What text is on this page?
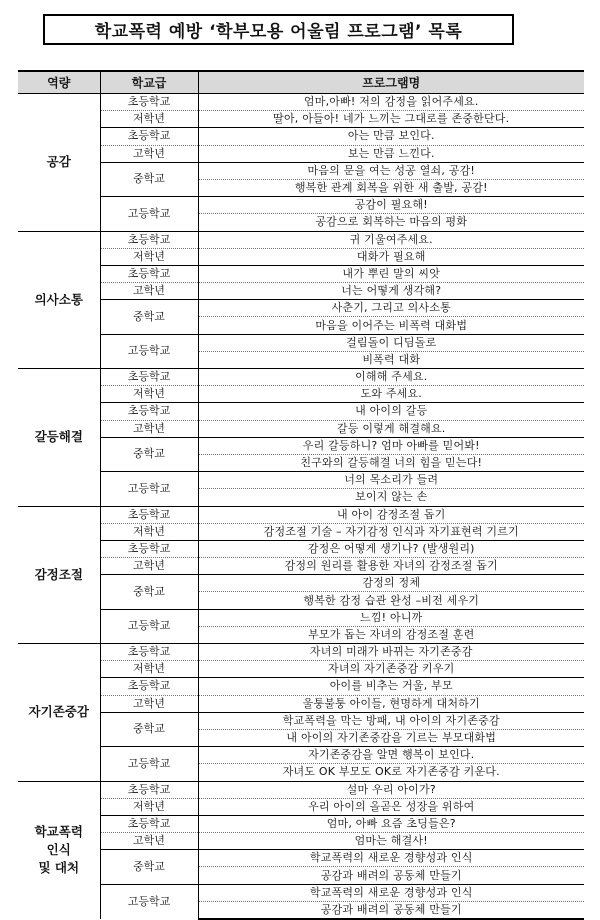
학교폭력 예방 ‘학부모용 어울림 프로그램’ 목록
역량	학교급	프로그램명
공감	초등학교	엄마,아빠! 저의 감정을 읽어주세요.
	저학년	딸아, 아들아! 네가 느끼는 그대로를 존중한단다.
	초등학교	아는 만큼 보인다.
	고학년	보는 만큼 느낀다.
	중학교	마음의 문을 여는 성공 열쇠, 공감!
		행복한 관계 회복을 위한 새 출발, 공감!
	고등학교	공감이 필요해!
		공감으로 회복하는 마음의 평화
의사소통	초등학교	귀 기울여주세요.
	저학년	대화가 필요해
	초등학교	내가 뿌린 말의 씨앗
	고학년	너는 어떻게 생각해?
	중학교	사춘기, 그리고 의사소통
		마음을 이어주는 비폭력 대화법
	고등학교	걸림돌이 디딤돌로
		비폭력 대화
갈등해결	초등학교	이해해 주세요.
	저학년	도와 주세요.
	초등학교	내 아이의 갈등
	고학년	갈등 이렇게 해결해요.
	중학교	우리 갈등하니? 엄마 아빠를 믿어봐!
		친구와의 갈등해결 너의 힘을 믿는다!
	고등학교	너의 목소리가 들려
		보이지 않는 손
감정조절	초등학교	내 아이 감정조절 돕기
	저학년	감정조절 기술 – 자기감정 인식과 자기표현력 기르기
	초등학교	감정은 어떻게 생기나? (발생원리)
	고학년	감정의 원리를 활용한 자녀의 감정조절 돕기
	중학교	감정의 정체
		행복한 감정 습관 완성 –비전 세우기
	고등학교	느낌! 아니까
		부모가 돕는 자녀의 감정조절 훈련
자기존중감	초등학교	자녀의 미래가 바뀌는 자기존중감
	저학년	자녀의 자기존중감 키우기
	초등학교	아이를 비추는 거울, 부모
	고학년	울퉁불퉁 아이들, 현명하게 대처하기
	중학교	학교폭력을 막는 방패, 내 아이의 자기존중감
		내 아이의 자기존중감을 기르는 부모대화법
	고등학교	자기존중감을 알면 행복이 보인다.
		자녀도 OK 부모도 OK로 자기존중감 키운다.

학교폭력
인식
및 대처	초등학교	설마 우리 아이가?
	저학년	우리 아이의 올곧은 성장을 위하여
	초등학교	엄마, 아빠 요즘 초딩들은?
	고학년	엄마는 해결사!
	중학교	학교폭력의 새로운 경향성과 인식
		공감과 배려의 공동체 만들기
	고등학교	학교폭력의 새로운 경향성과 인식
		공감과 배려의 공동체 만들기
